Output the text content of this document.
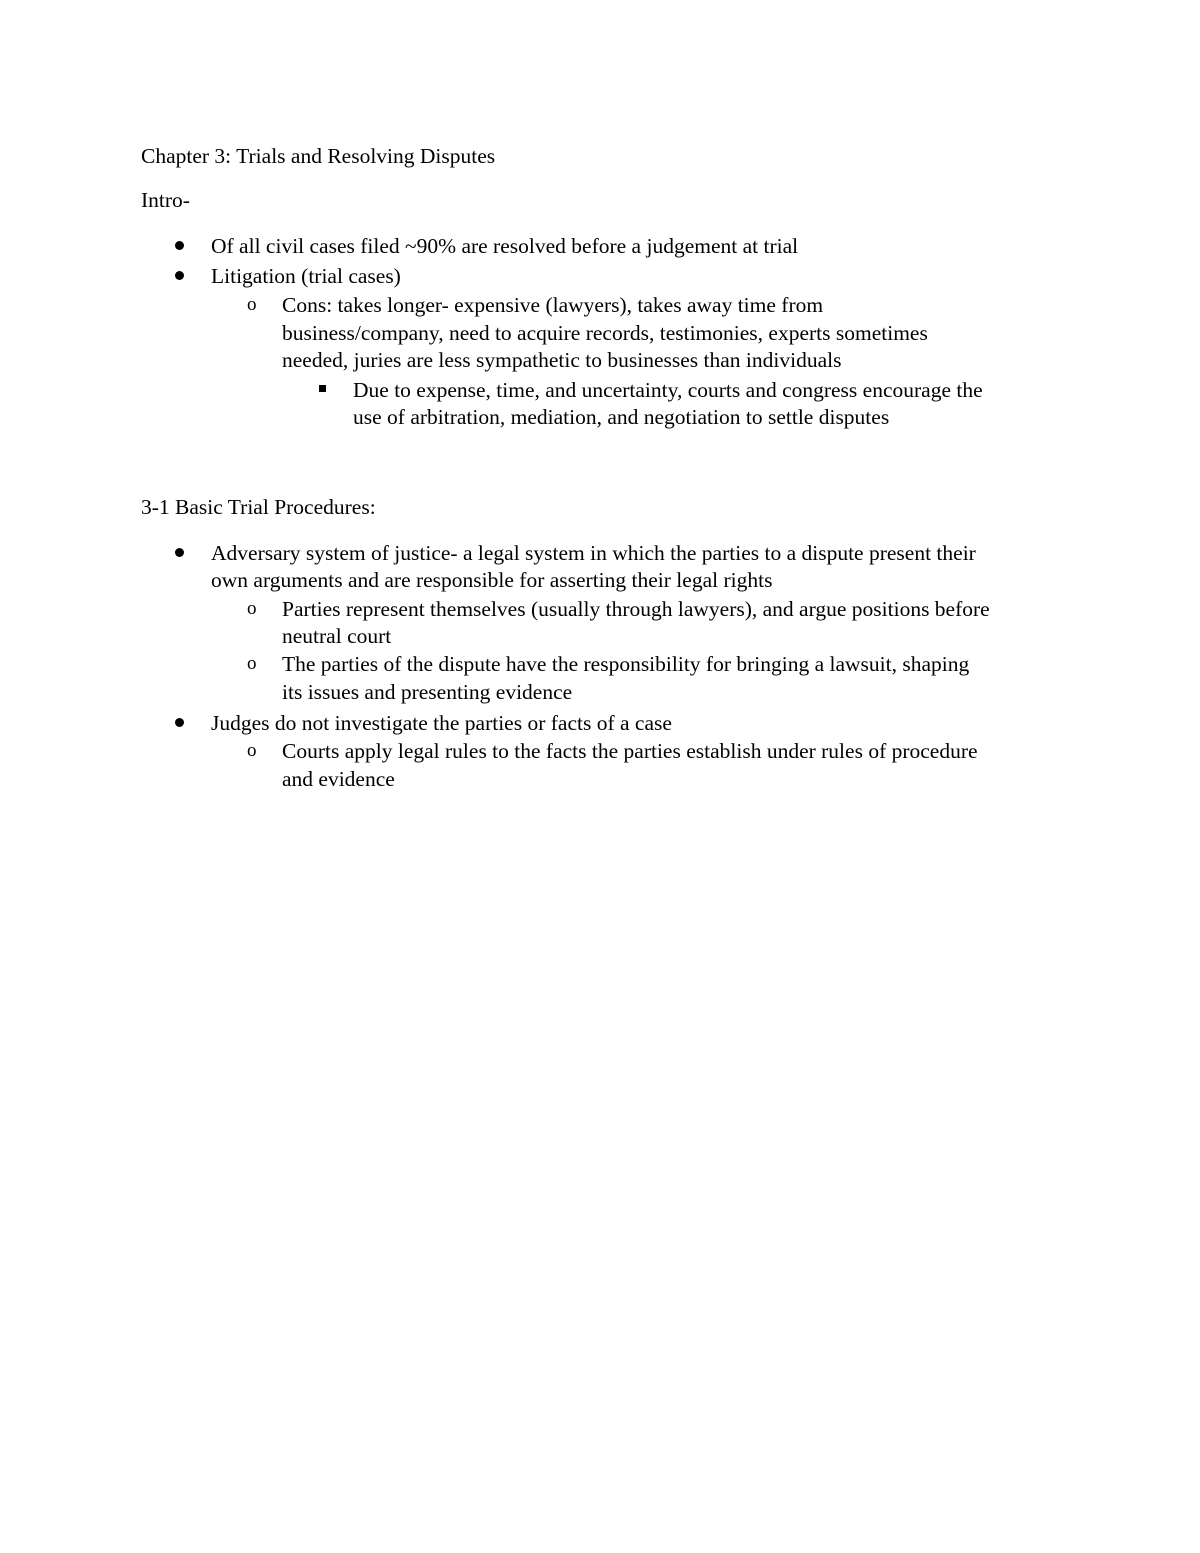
Chapter 3: Trials and Resolving Disputes
Intro-
Of all civil cases filed ~90% are resolved before a judgement at trial
Litigation (trial cases)
o Cons: takes longer- expensive (lawyers), takes away time from
business/company, need to acquire records, testimonies, experts sometimes
needed, juries are less sympathetic to businesses than individuals
Due to expense, time, and uncertainty, courts and congress encourage the
use of arbitration, mediation, and negotiation to settle disputes
3-1 Basic Trial Procedures:
Adversary system of justice- a legal system in which the parties to a dispute present their
own arguments and are responsible for asserting their legal rights
o Parties represent themselves (usually through lawyers), and argue positions before
neutral court
o The parties of the dispute have the responsibility for bringing a lawsuit, shaping
its issues and presenting evidence
Judges do not investigate the parties or facts of a case
o Courts apply legal rules to the facts the parties establish under rules of procedure
and evidence
